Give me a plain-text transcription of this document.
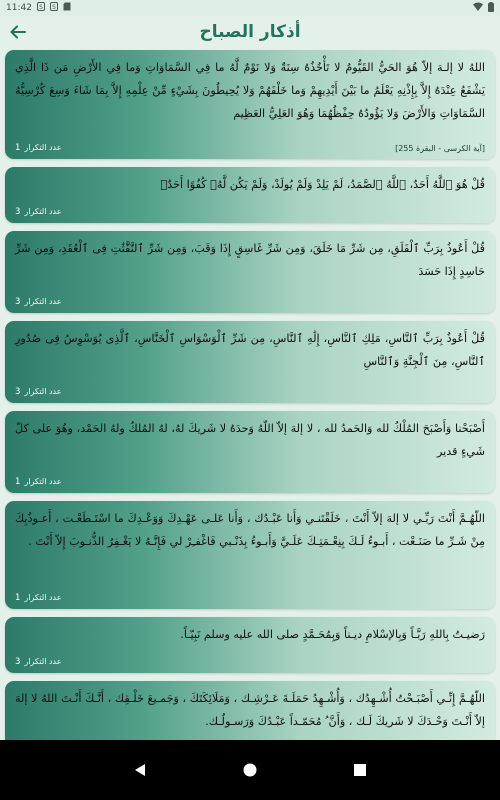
11:42 S S
أذكار الصباح
اللهُ لا إلـهَ إلاّ هُوَ الحَيُّ القَيُّومُ لا تَأْخُذُهُ سِنَةٌ وَلا نَوْمٌ لَّهُ ما فِي السَّمَاوَاتِ وَما فِي الأَرْضِ مَن ذَا الَّذِي يَشْفَعُ عِنْدَهُ إِلاَّ بِإِذْنِهِ يَعْلَمُ ما بَيْنَ أَيْدِيهِمْ وَما خَلْفَهُمْ وَلا يُحِيطُونَ بِشَيْءٍ مِّنْ عِلْمِهِ إِلاَّ بِمَا شَاءَ وَسِعَ كُرْسِيُّهُ السَّمَاوَاتِ وَالأَرْضَ وَلا يَؤُودُهُ حِفْظُهُمَا وَهُوَ العَلِيُّ العَظِيم
عدد التكرار
1	[آية الكرسى - البقرة 255]
قُلْ هُوَ ٱللَّهُ أَحَدٌ، ٱللَّهُ ٱلصَّمَدُ، لَمْ يَلِدْ وَلَمْ يُولَدْ، وَلَمْ يَكُن لَّهُۥ كُفُوًا أَحَدٌۢ
عدد التكرار
3
قُلْ أَعُوذُ بِرَبِّ ٱلْفَلَقِ، مِن شَرِّ مَا خَلَقَ، وَمِن شَرِّ غَاسِقٍ إِذَا وَقَبَ، وَمِن شَرِّ ٱلنَّفَّٰثَٰتِ فِى ٱلْعُقَدِ، وَمِن شَرِّ حَاسِدٍ إِذَا حَسَدَ
عدد التكرار
3
قُلْ أَعُوذُ بِرَبِّ ٱلنَّاسِ، مَلِكِ ٱلنَّاسِ، إِلَٰهِ ٱلنَّاسِ، مِن شَرِّ ٱلْوَسْوَاسِ ٱلْخَنَّاسِ، ٱلَّذِى يُوَسْوِسُ فِى صُدُورِ ٱلنَّاسِ، مِنَ ٱلْجِنَّةِ وَٱلنَّاسِ
عدد التكرار
3
أَصْبَحْنا وَأَصْبَحَ المُلْكُ لله وَالحَمدُ لله ، لا إلهَ إلاّ اللّهُ وَحدَهُ لا شَريكَ لهُ، لهُ المُلكُ ولهُ الحَمْد، وهُوَ على كلّ شَيءٍ قدير
عدد التكرار
1
اللّهُـمَّ أَنْتَ رَبِّـي لا إلهَ إلاّ أَنْتَ ، خَلَقْتَنـي وَأَنا عَبْـدُك ، وَأَنا عَلـى عَهْـدِكَ وَوَعْـدِكَ ما اسْتَـطَعْـت ، أَعـوذُبِكَ مِنْ شَـرِّ ما صَنَـعْت ، أَبـوءُ لَـكَ بِنِعْـمَتِـكَ عَلَـيَّ وَأَبـوءُ بِذَنْـبي فَاغْفـِرْ لي فَإِنَّـهُ لا يَغْـفِرُ الذُّنـوبَ إِلاّ أَنْتَ .
عدد التكرار
1
رَضيـتُ بِاللهِ رَبَّـاً وَبِالإسْلامِ ديـناً وَبِمُحَـمَّدٍ صلى الله عليه وسلم نَبِيّـاً.
عدد التكرار
3
اللّهُـمَّ إِنِّـي أَصْبَـحْتُ أُشْـهِدُك ، وَأُشْـهِدُ حَمَلَـةَ عَـرْشِـك ، وَمَلَائِكَتَكَ ، وَجَمـيعَ خَلْـقِك ، أَنَّـكَ أَنْـتَ اللهُ لا إلهَ إلاّ أَنْـتَ وَحْـدَكَ لا شَريكَ لَـك ، وَأَنَّ ُ مُحَمّـداً عَبْـدُكَ وَرَسـولُـك.
